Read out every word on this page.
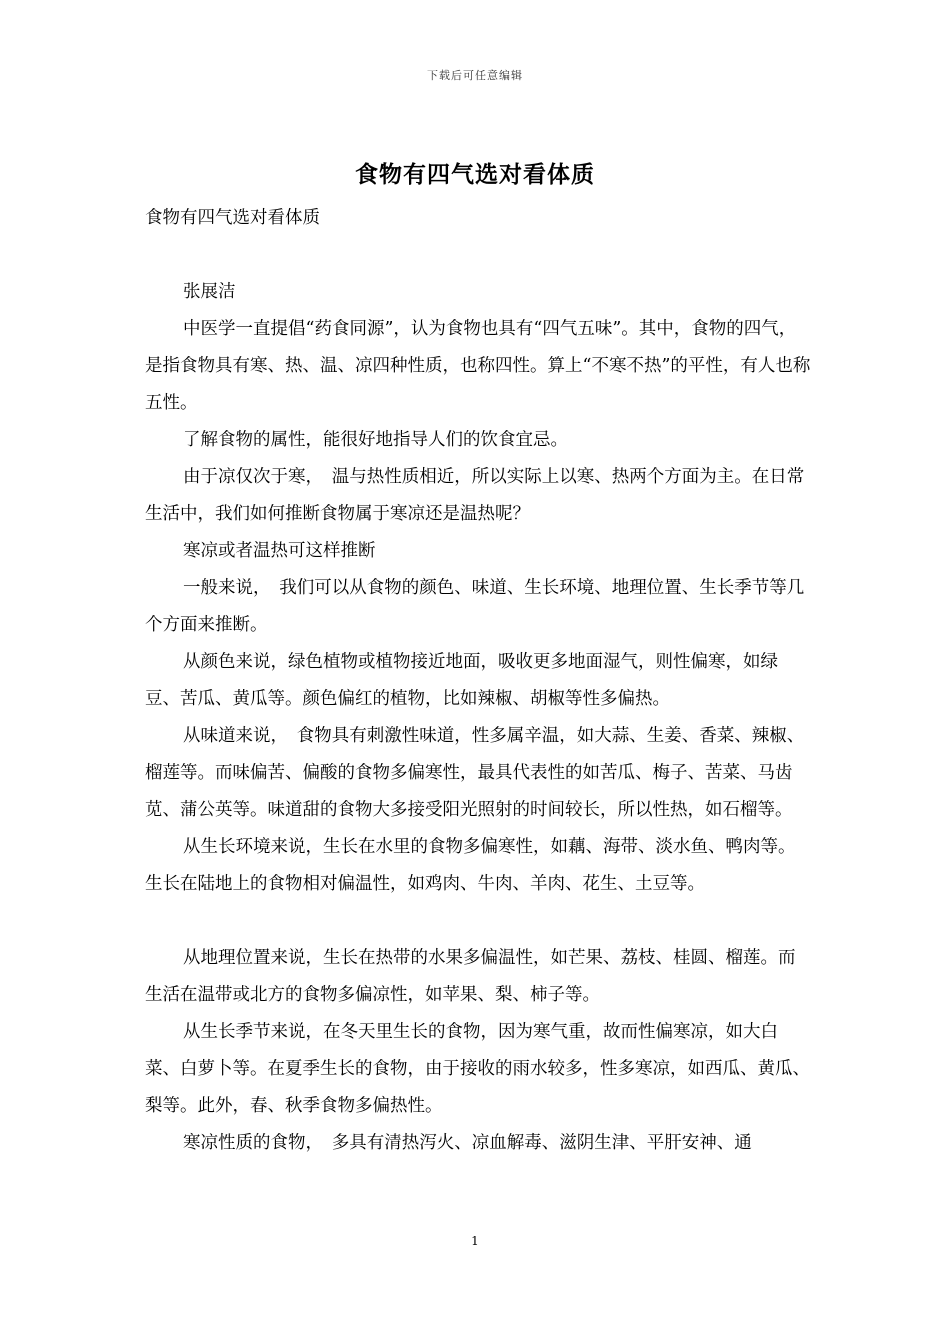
下载后可任意编辑
食物有四气选对看体质

食物有四气选对看体质

张展洁

中医学一直提倡“药食同源”，认为食物也具有“四气五味”。其中，食物的四气，是指食物具有寒、热、温、凉四种性质，也称四性。算上“不寒不热”的平性，有人也称五性。

了解食物的属性，能很好地指导人们的饮食宜忌。

由于凉仅次于寒，　温与热性质相近，所以实际上以寒、热两个方面为主。在日常生活中，我们如何推断食物属于寒凉还是温热呢？

寒凉或者温热可这样推断

一般来说，　我们可以从食物的颜色、味道、生长环境、地理位置、生长季节等几个方面来推断。

从颜色来说，绿色植物或植物接近地面，吸收更多地面湿气，则性偏寒，如绿豆、苦瓜、黄瓜等。颜色偏红的植物，比如辣椒、胡椒等性多偏热。

从味道来说，　食物具有刺激性味道，性多属辛温，如大蒜、生姜、香菜、辣椒、榴莲等。而味偏苦、偏酸的食物多偏寒性，最具代表性的如苦瓜、梅子、苦菜、马齿苋、蒲公英等。味道甜的食物大多接受阳光照射的时间较长，所以性热，如石榴等。

从生长环境来说，生长在水里的食物多偏寒性，如藕、海带、淡水鱼、鸭肉等。生长在陆地上的食物相对偏温性，如鸡肉、牛肉、羊肉、花生、土豆等。

从地理位置来说，生长在热带的水果多偏温性，如芒果、荔枝、桂圆、榴莲。而生活在温带或北方的食物多偏凉性，如苹果、梨、柿子等。

从生长季节来说，在冬天里生长的食物，因为寒气重，故而性偏寒凉，如大白菜、白萝卜等。在夏季生长的食物，由于接收的雨水较多，性多寒凉，如西瓜、黄瓜、梨等。此外，春、秋季食物多偏热性。

寒凉性质的食物，　多具有清热泻火、凉血解毒、滋阴生津、平肝安神、通

1
